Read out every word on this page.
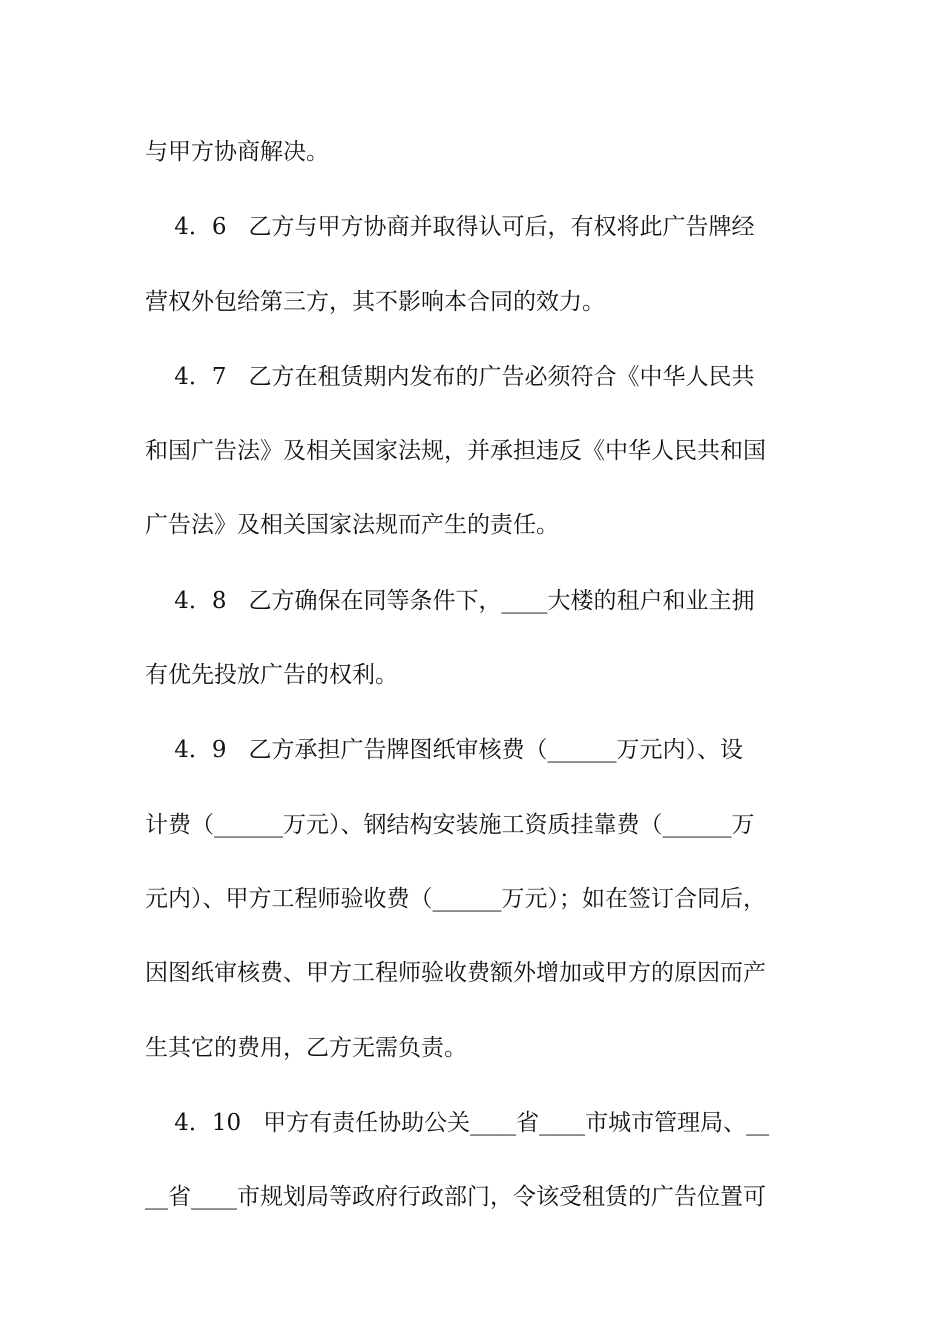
与甲方协商解决。
4．6   乙方与甲方协商并取得认可后，有权将此广告牌经
营权外包给第三方，其不影响本合同的效力。
4．7   乙方在租赁期内发布的广告必须符合《中华人民共
和国广告法》及相关国家法规，并承担违反《中华人民共和国
广告法》及相关国家法规而产生的责任。
4．8   乙方确保在同等条件下，____大楼的租户和业主拥
有优先投放广告的权利。
4．9   乙方承担广告牌图纸审核费（______万元内）、设
计费（______万元）、钢结构安装施工资质挂靠费（______万
元内）、甲方工程师验收费（______万元）；如在签订合同后，
因图纸审核费、甲方工程师验收费额外增加或甲方的原因而产
生其它的费用，乙方无需负责。
4．10   甲方有责任协助公关____省____市城市管理局、__
__省____市规划局等政府行政部门，令该受租赁的广告位置可
